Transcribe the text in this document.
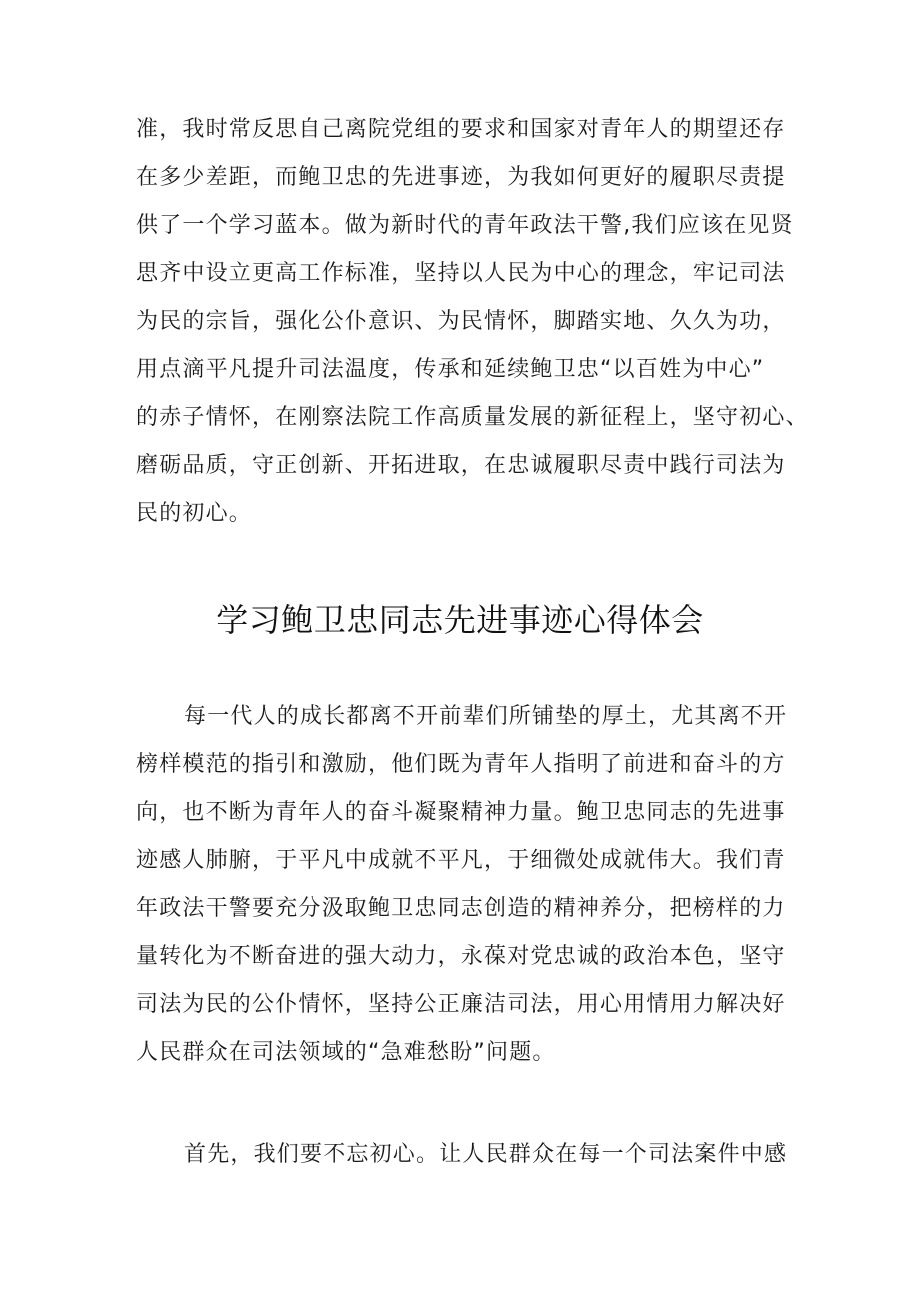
准，我时常反思自己离院党组的要求和国家对青年人的期望还存
在多少差距，而鲍卫忠的先进事迹，为我如何更好的履职尽责提
供了一个学习蓝本。做为新时代的青年政法干警,我们应该在见贤
思齐中设立更高工作标准，坚持以人民为中心的理念，牢记司法
为民的宗旨，强化公仆意识、为民情怀，脚踏实地、久久为功，
用点滴平凡提升司法温度，传承和延续鲍卫忠“以百姓为中心”
的赤子情怀，在刚察法院工作高质量发展的新征程上，坚守初心、
磨砺品质，守正创新、开拓进取，在忠诚履职尽责中践行司法为
民的初心。
学习鲍卫忠同志先进事迹心得体会
每一代人的成长都离不开前辈们所铺垫的厚土，尤其离不开
榜样模范的指引和激励，他们既为青年人指明了前进和奋斗的方
向，也不断为青年人的奋斗凝聚精神力量。鲍卫忠同志的先进事
迹感人肺腑，于平凡中成就不平凡，于细微处成就伟大。我们青
年政法干警要充分汲取鲍卫忠同志创造的精神养分，把榜样的力
量转化为不断奋进的强大动力，永葆对党忠诚的政治本色，坚守
司法为民的公仆情怀，坚持公正廉洁司法，用心用情用力解决好
人民群众在司法领域的“急难愁盼”问题。
首先，我们要不忘初心。让人民群众在每一个司法案件中感
